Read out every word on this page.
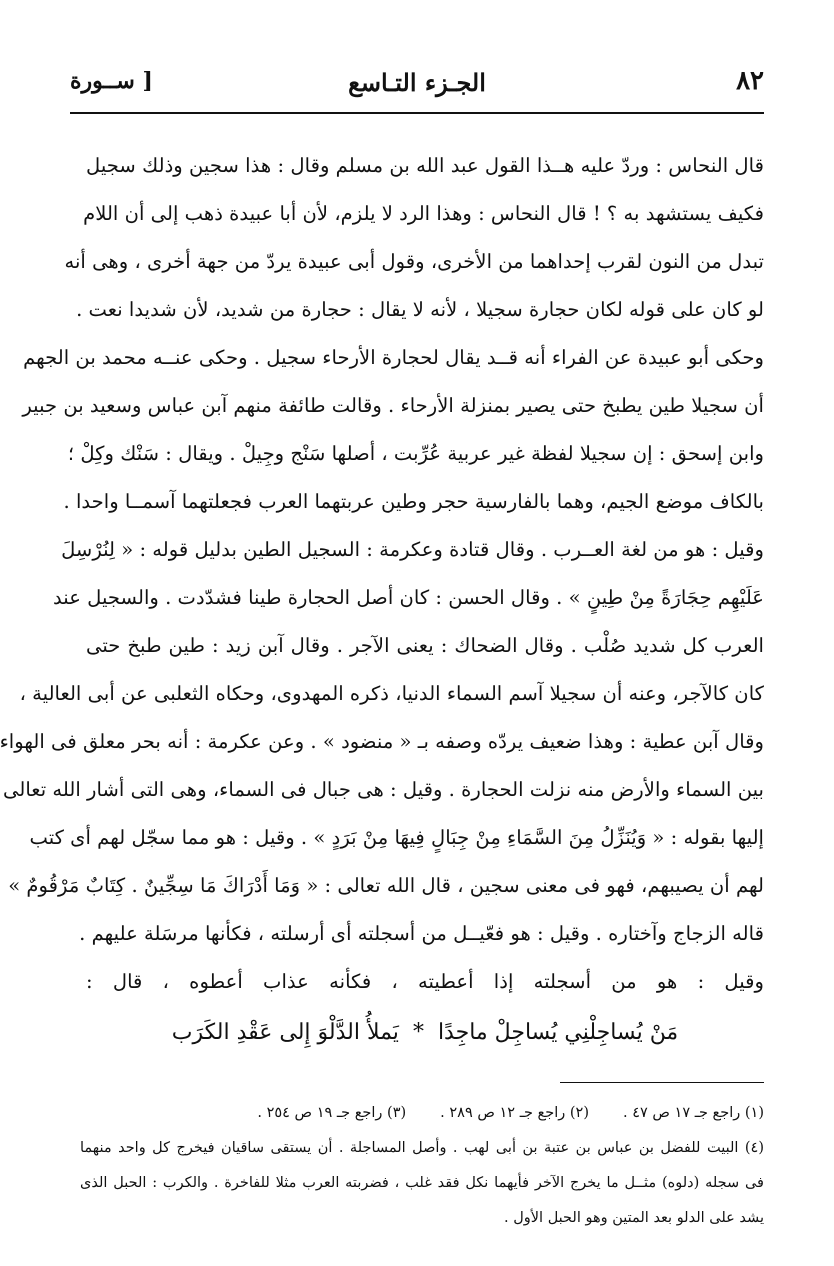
٨٢
الجـزء التـاسع
[ ســورة
قال النحاس : وردّ عليه هــذا القول عبد الله بن مسلم وقال : هذا سجين وذلك سجيل
فكيف يستشهد به ؟ ! قال النحاس : وهذا الرد لا يلزم، لأن أبا عبيدة ذهب إلى أن اللام
تبدل من النون لقرب إحداهما من الأخرى، وقول أبى عبيدة يردّ من جهة أخرى ، وهى أنه
لو كان على قوله لكان حجارة سجيلا ، لأنه لا يقال : حجارة من شديد، لأن شديدا نعت .
وحكى أبو عبيدة عن الفراء أنه قــد يقال لحجارة الأرحاء سجيل . وحكى عنــه محمد بن الجهم
أن سجيلا طين يطبخ حتى يصير بمنزلة الأرحاء . وقالت طائفة منهم آبن عباس وسعيد بن جبير
وابن إسحق : إن سجيلا لفظة غير عربية عُرِّبت ، أصلها سَنْج وجِيلْ . ويقال : سَنْك وكِلْ ؛
بالكاف موضع الجيم، وهما بالفارسية حجر وطين عربتهما العرب فجعلتهما آسمــا واحدا .
وقيل : هو من لغة العــرب . وقال قتادة وعكرمة : السجيل الطين بدليل قوله : « لِنُرْسِلَ
عَلَيْهِم حِجَارَةً مِنْ طِينٍ » . وقال الحسن : كان أصل الحجارة طينا فشدّدت . والسجيل عند
العرب كل شديد صُلْب . وقال الضحاك : يعنى الآجر . وقال آبن زيد : طين طبخ حتى
كان كالآجر، وعنه أن سجيلا آسم السماء الدنيا، ذكره المهدوى، وحكاه الثعلبى عن أبى العالية ،
وقال آبن عطية : وهذا ضعيف يردّه وصفه بـ « منضود » . وعن عكرمة : أنه بحر معلق فى الهواء
بين السماء والأرض منه نزلت الحجارة . وقيل : هى جبال فى السماء، وهى التى أشار الله تعالى
إليها بقوله : « وَيُنَزِّلُ مِنَ السَّمَاءِ مِنْ جِبَالٍ فِيهَا مِنْ بَرَدٍ » . وقيل : هو مما سجّل لهم أى كتب
لهم أن يصيبهم، فهو فى معنى سجين ، قال الله تعالى : « وَمَا أَدْرَاكَ مَا سِجِّينٌ . كِتَابٌ مَرْقُومٌ »
قاله الزجاج وآختاره . وقيل : هو فعّيــل من أسجلته أى أرسلته ، فكأنها مرسَلة عليهم .
وقيل : هو من أسجلته إذا أعطيته ، فكأنه عذاب أعطوه ، قال :
مَنْ يُساجِلْنِي يُساجِلْ ماجِدًا*يَملأُ الدَّلْوَ إِلى عَقْدِ الكَرَب
(١) راجع جـ ١٧ ص ٤٧ .(٢) راجع جـ ١٢ ص ٢٨٩ .(٣) راجع جـ ١٩ ص ٢٥٤ .
(٤) البيت للفضل بن عباس بن عتبة بن أبى لهب . وأصل المساجلة . أن يستقى ساقيان فيخرج كل واحد منهما
فى سجله (دلوه) مثــل ما يخرج الآخر فأيهما نكل فقد غلب ، فضربته العرب مثلا للفاخرة . والكرب : الحبل الذى
يشد على الدلو بعد المتين وهو الحبل الأول .
